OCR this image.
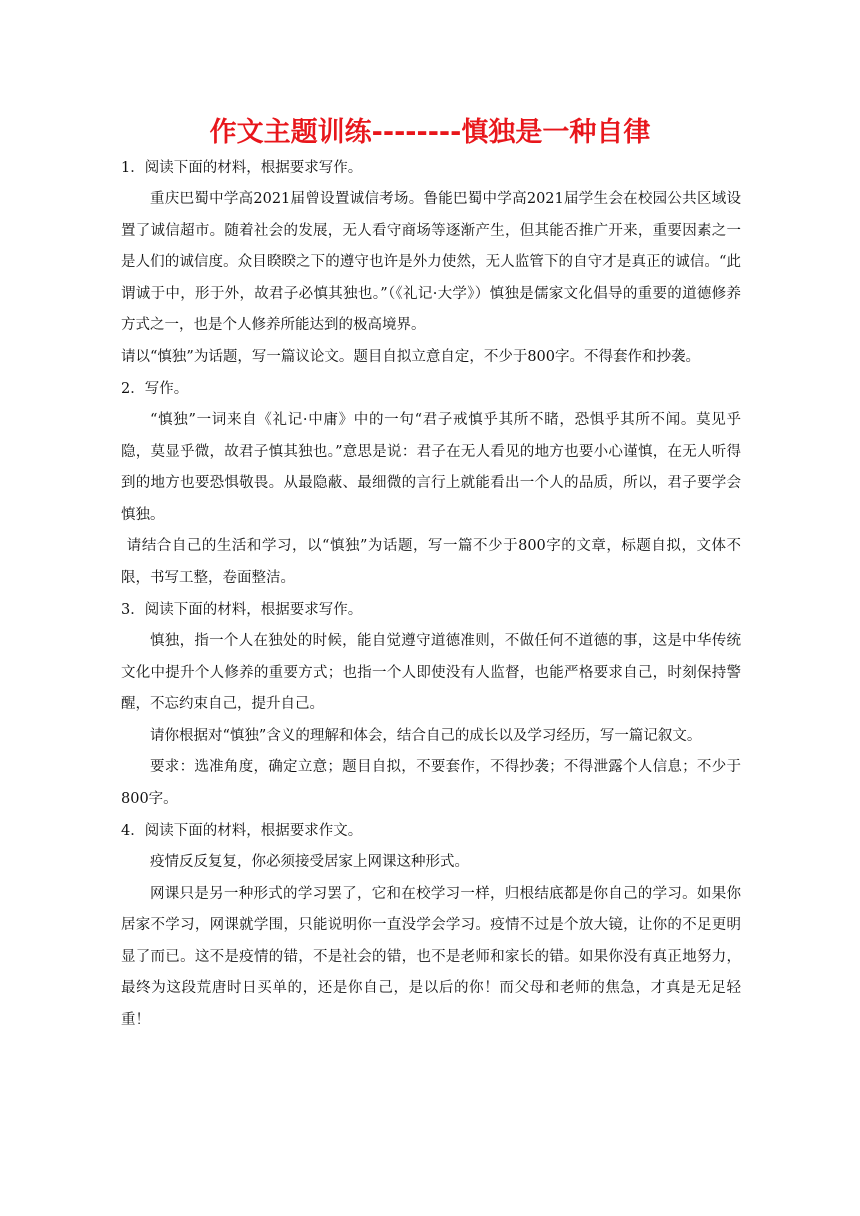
作文主题训练--------慎独是一种自律

1．阅读下面的材料，根据要求写作。

重庆巴蜀中学高2021届曾设置诚信考场。鲁能巴蜀中学高2021届学生会在校园公共区域设置了诚信超市。随着社会的发展，无人看守商场等逐渐产生，但其能否推广开来，重要因素之一是人们的诚信度。众目睽睽之下的遵守也许是外力使然，无人监管下的自守才是真正的诚信。“此谓诚于中，形于外，故君子必慎其独也。”（《礼记·大学》）慎独是儒家文化倡导的重要的道德修养方式之一，也是个人修养所能达到的极高境界。

请以“慎独”为话题，写一篇议论文。题目自拟立意自定，不少于800字。不得套作和抄袭。

2．写作。

“慎独”一词来自《礼记·中庸》中的一句“君子戒慎乎其所不睹，恐惧乎其所不闻。莫见乎隐，莫显乎微，故君子慎其独也。”意思是说：君子在无人看见的地方也要小心谨慎，在无人听得到的地方也要恐惧敬畏。从最隐蔽、最细微的言行上就能看出一个人的品质，所以，君子要学会慎独。

请结合自己的生活和学习，以“慎独”为话题，写一篇不少于800字的文章，标题自拟，文体不限，书写工整，卷面整洁。

3．阅读下面的材料，根据要求写作。

慎独，指一个人在独处的时候，能自觉遵守道德准则，不做任何不道德的事，这是中华传统文化中提升个人修养的重要方式；也指一个人即使没有人监督，也能严格要求自己，时刻保持警醒，不忘约束自己，提升自己。

请你根据对“慎独”含义的理解和体会，结合自己的成长以及学习经历，写一篇记叙文。

要求：选准角度，确定立意；题目自拟，不要套作，不得抄袭；不得泄露个人信息；不少于800字。

4．阅读下面的材料，根据要求作文。

疫情反反复复，你必须接受居家上网课这种形式。

网课只是另一种形式的学习罢了，它和在校学习一样，归根结底都是你自己的学习。如果你居家不学习，网课就学围，只能说明你一直没学会学习。疫情不过是个放大镜，让你的不足更明显了而已。这不是疫情的错，不是社会的错，也不是老师和家长的错。如果你没有真正地努力，最终为这段荒唐时日买单的，还是你自己，是以后的你！而父母和老师的焦急，才真是无足轻重！
